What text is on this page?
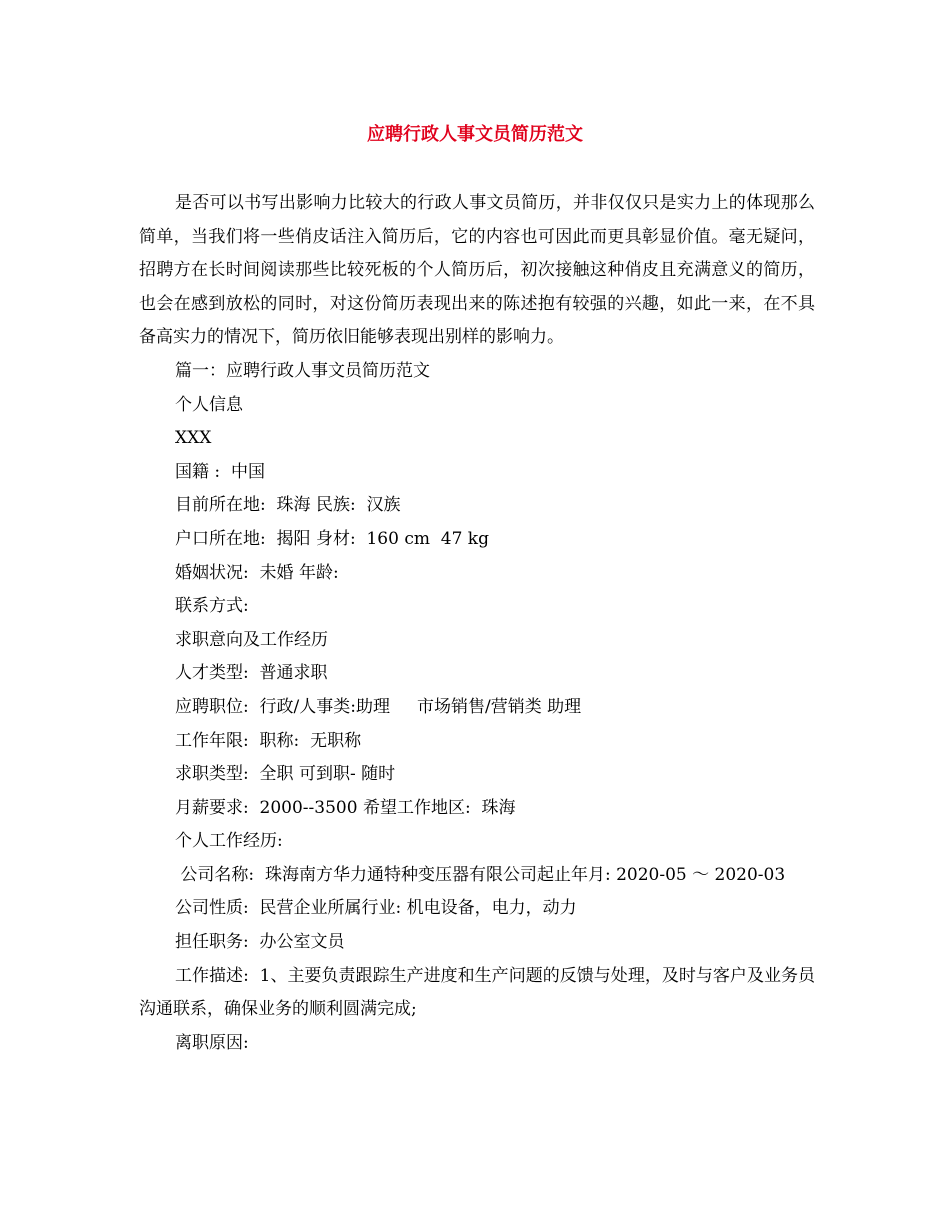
应聘行政人事文员简历范文

是否可以书写出影响力比较大的行政人事文员简历，并非仅仅只是实力上的体现那么简单，当我们将一些俏皮话注入简历后，它的内容也可因此而更具彰显价值。毫无疑问，招聘方在长时间阅读那些比较死板的个人简历后，初次接触这种俏皮且充满意义的简历，也会在感到放松的同时，对这份简历表现出来的陈述抱有较强的兴趣，如此一来，在不具备高实力的情况下，简历依旧能够表现出别样的影响力。

篇一：应聘行政人事文员简历范文

个人信息

XXX

国籍 :  中国

目前所在地:  珠海 民族:  汉族

户口所在地:  揭阳 身材:  160 cm  47 kg

婚姻状况:  未婚 年龄:

联系方式:

求职意向及工作经历

人才类型:  普通求职

应聘职位:  行政/人事类:助理     市场销售/营销类 助理

工作年限:  职称:  无职称

求职类型:  全职 可到职- 随时

月薪要求:  2000--3500 希望工作地区:  珠海

个人工作经历:

公司名称:  珠海南方华力通特种变压器有限公司起止年月: 2020-05 ～ 2020-03

公司性质:  民营企业所属行业: 机电设备，电力，动力

担任职务:  办公室文员

工作描述:  1、主要负责跟踪生产进度和生产问题的反馈与处理，及时与客户及业务员沟通联系，确保业务的顺利圆满完成;

离职原因:
